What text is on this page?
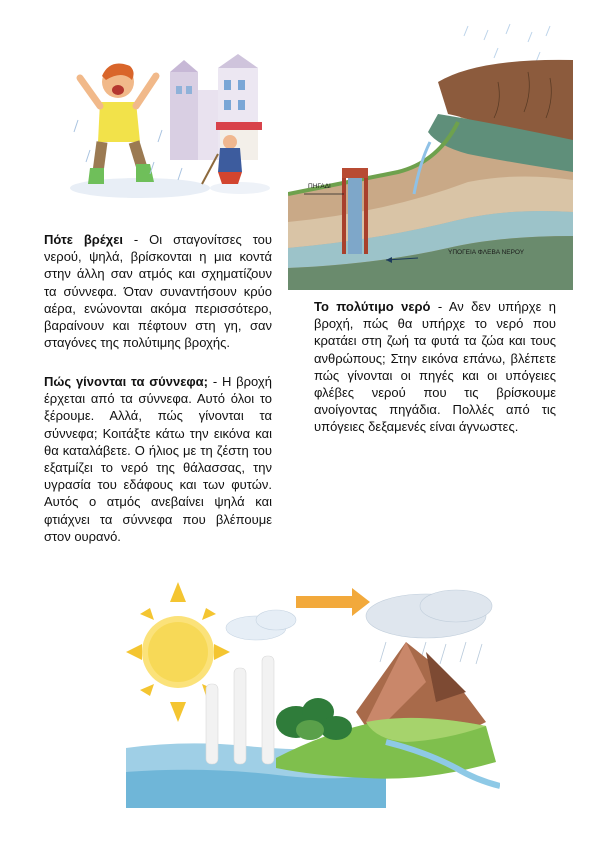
ΠΗΓΑΔΙ
ΥΠΟΓΕΙΑ ΦΛΕΒΑ ΝΕΡΟΥ

Πότε βρέχει - Οι σταγονίτσες του νερού, ψηλά, βρίσκονται η μια κοντά στην άλλη σαν ατμός και σχηματίζουν τα σύννεφα. Όταν συναντήσουν κρύο αέρα, ενώνονται ακόμα περισσότερο, βαραίνουν και πέφτουν στη γη, σαν σταγόνες της πολύτιμης βροχής.

Πώς γίνονται τα σύννεφα; - Η βροχή έρχεται από τα σύννεφα. Αυτό όλοι το ξέρουμε. Αλλά, πώς γίνονται τα σύννεφα; Κοιτάξτε κάτω την εικόνα και θα καταλάβετε. Ο ήλιος με τη ζέστη του εξατμίζει το νερό της θάλασσας, την υγρασία του εδάφους και των φυτών. Αυτός ο ατμός ανεβαίνει ψηλά και φτιάχνει τα σύννεφα που βλέπουμε στον ουρανό.

Το πολύτιμο νερό - Αν δεν υπήρχε η βροχή, πώς θα υπήρχε το νερό που κρατάει στη ζωή τα φυτά τα ζώα και τους ανθρώπους; Στην εικόνα επάνω, βλέπετε πώς γίνονται οι πηγές και οι υπόγειες φλέβες νερού που τις βρίσκουμε ανοίγοντας πηγάδια. Πολλές από τις υπόγειες δεξαμενές είναι άγνωστες.
